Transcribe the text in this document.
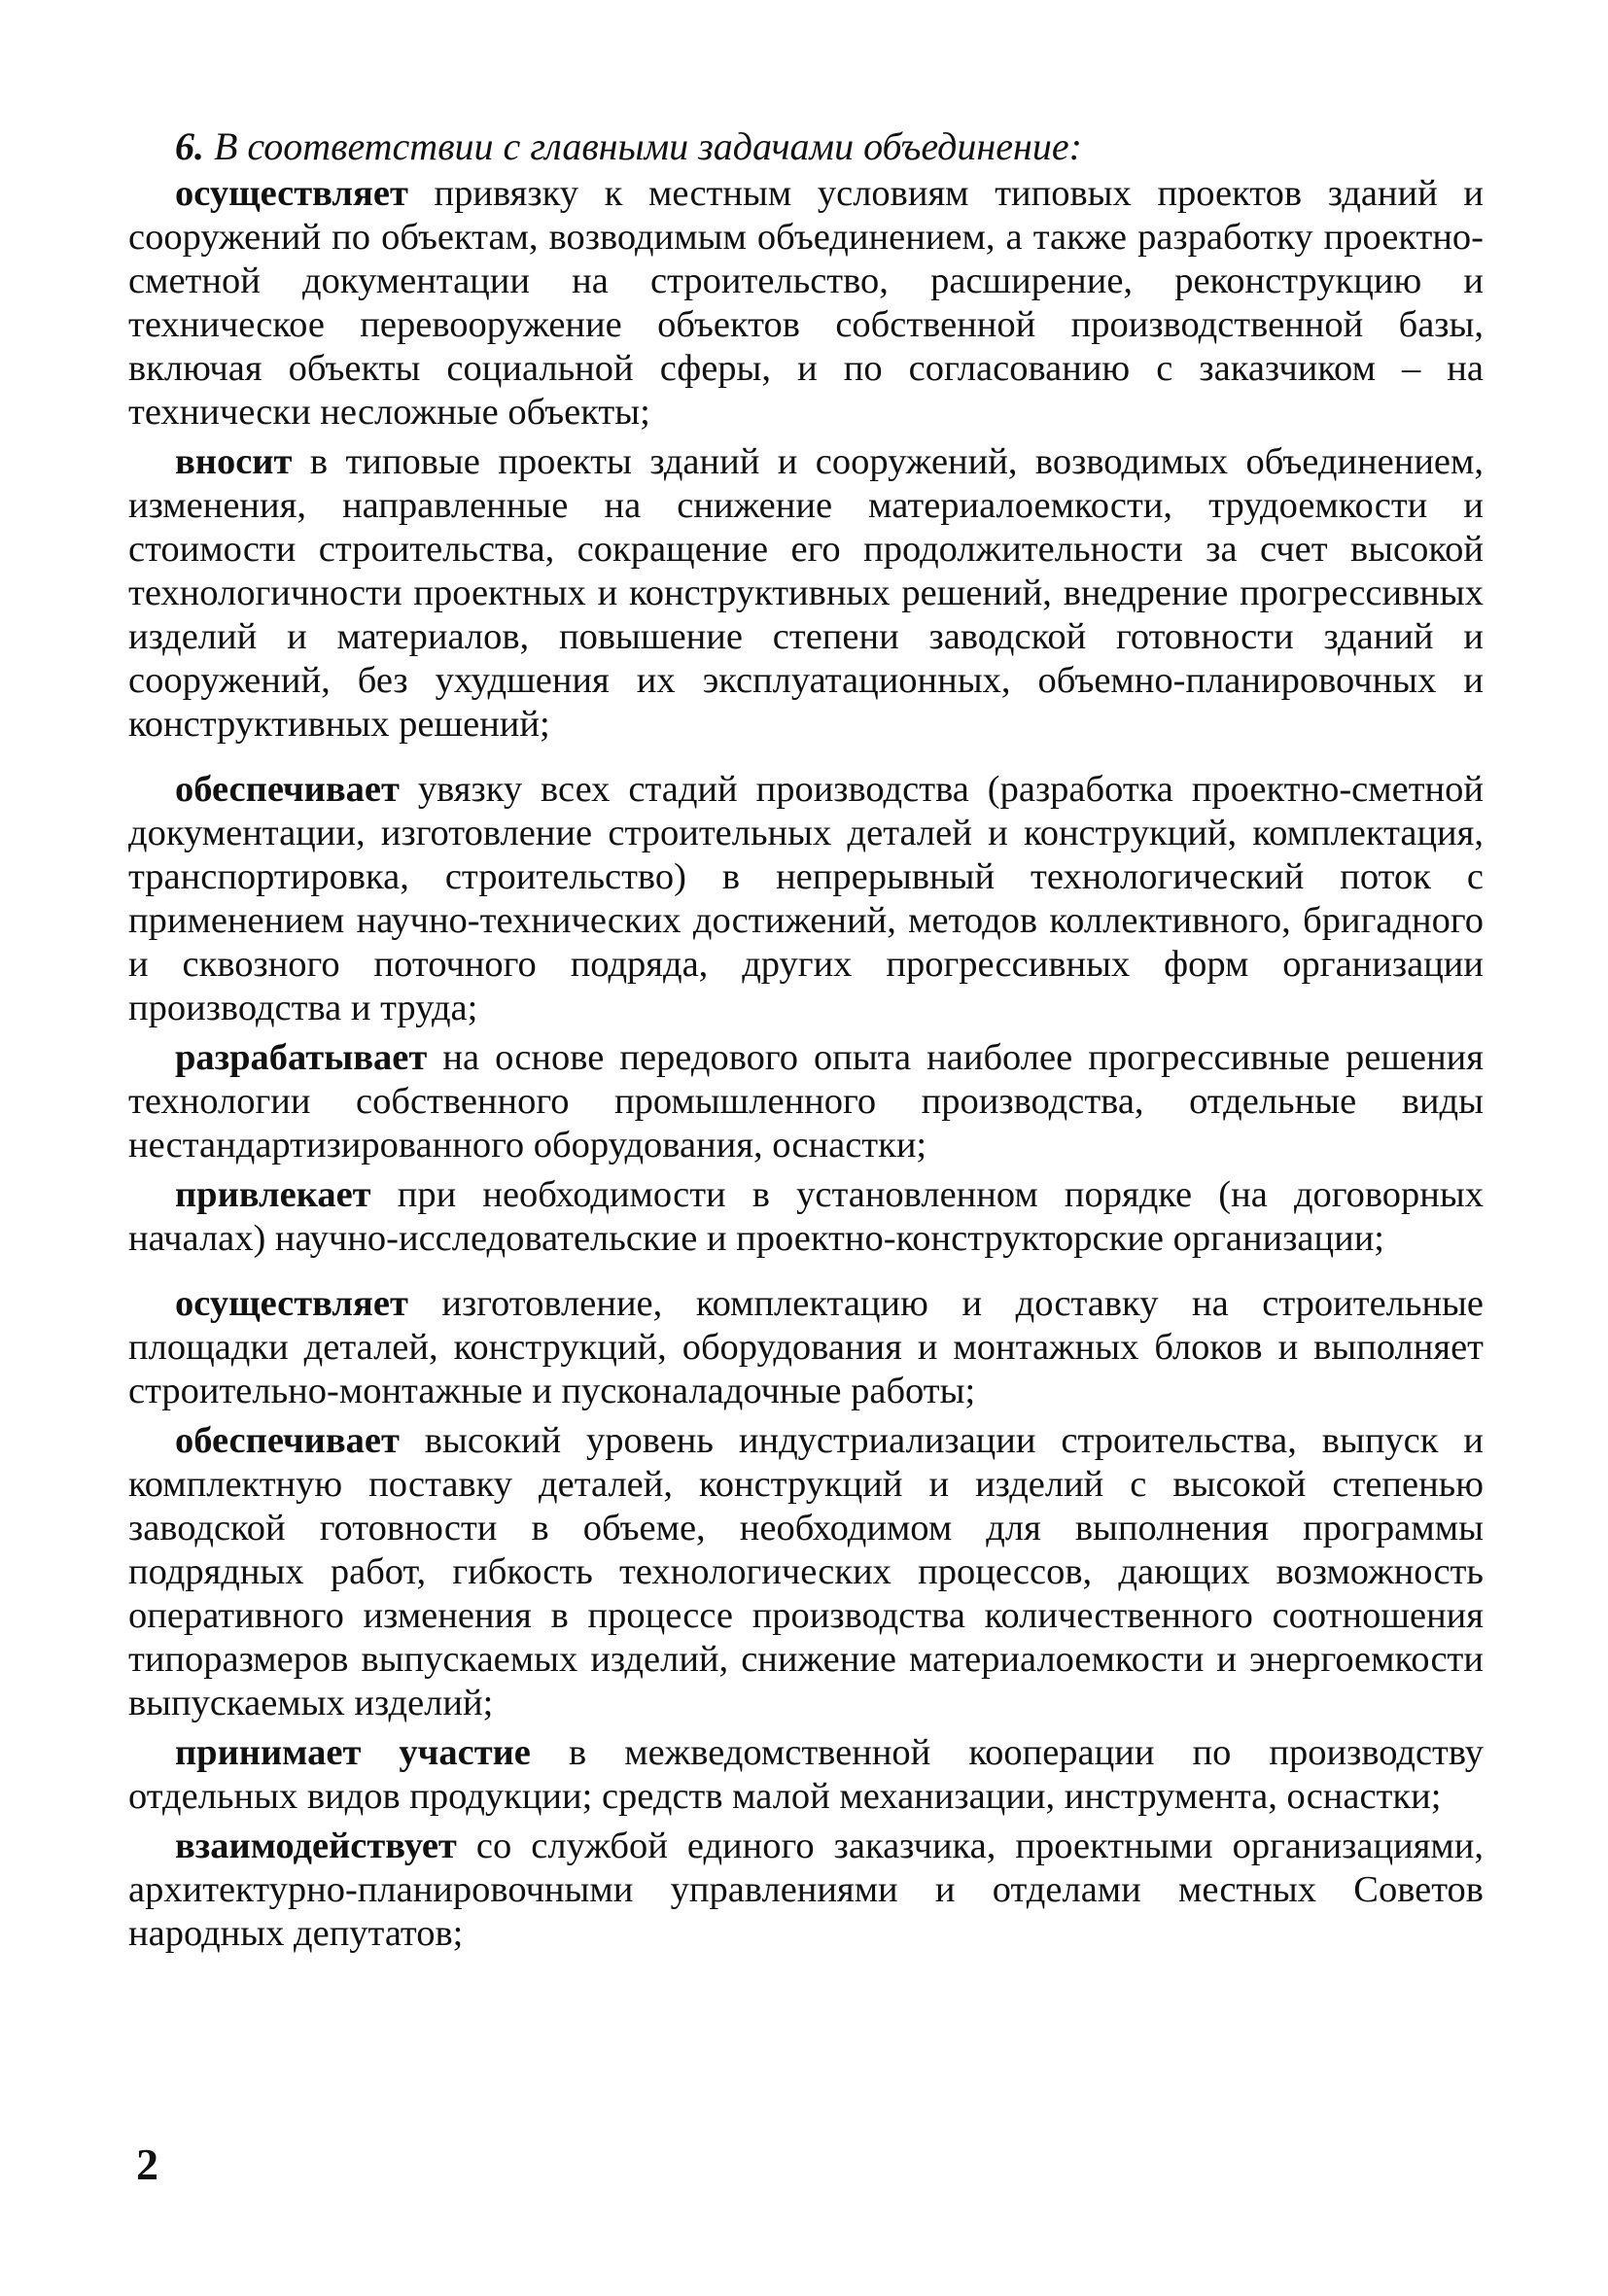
6. В соответствии с главными задачами объединение:

осуществляет привязку к местным условиям типовых проектов зданий и сооружений по объектам, возводимым объединением, а также разработку проектно-сметной документации на строительство, расширение, реконструкцию и техническое перевооружение объектов собственной производственной базы, включая объекты социальной сферы, и по согласованию с заказчиком – на технически несложные объекты;

вносит в типовые проекты зданий и сооружений, возводимых объединением, изменения, направленные на снижение материалоемкости, трудоемкости и стоимости строительства, сокращение его продолжительности за счет высокой технологичности проектных и конструктивных решений, внедрение прогрессивных изделий и материалов, повышение степени заводской готовности зданий и сооружений, без ухудшения их эксплуатационных, объемно-планировочных и конструктивных решений;

обеспечивает увязку всех стадий производства (разработка проектно-сметной документации, изготовление строительных деталей и конструкций, комплектация, транспортировка, строительство) в непрерывный технологический поток с применением научно-технических достижений, методов коллективного, бригадного и сквозного поточного подряда, других прогрессивных форм организации производства и труда;

разрабатывает на основе передового опыта наиболее прогрессивные решения технологии собственного промышленного производства, отдельные виды нестандартизированного оборудования, оснастки;

привлекает при необходимости в установленном порядке (на договорных началах) научно-исследовательские и проектно-конструкторские организации;

осуществляет изготовление, комплектацию и доставку на строительные площадки деталей, конструкций, оборудования и монтажных блоков и выполняет строительно-монтажные и пусконаладочные работы;

обеспечивает высокий уровень индустриализации строительства, выпуск и комплектную поставку деталей, конструкций и изделий с высокой степенью заводской готовности в объеме, необходимом для выполнения программы подрядных работ, гибкость технологических процессов, дающих возможность оперативного изменения в процессе производства количественного соотношения типоразмеров выпускаемых изделий, снижение материалоемкости и энергоемкости выпускаемых изделий;

принимает участие в межведомственной кооперации по производству отдельных видов продукции; средств малой механизации, инструмента, оснастки;

взаимодействует со службой единого заказчика, проектными организациями, архитектурно-планировочными управлениями и отделами местных Советов народных депутатов;

2
